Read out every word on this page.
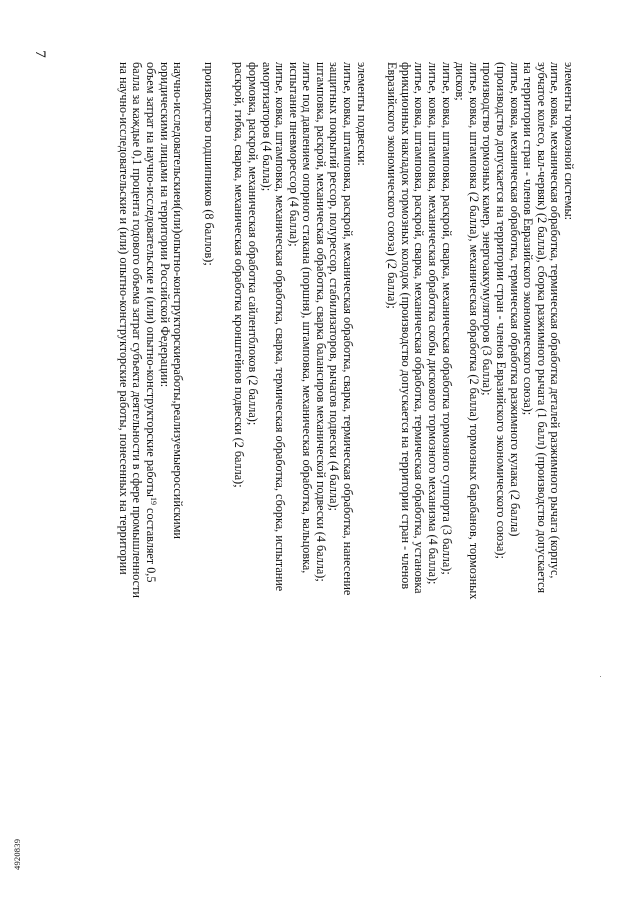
7
элементы тормозной системы:
литье, ковка, механическая обработка, термическая обработка деталей разжимного рычага (корпус,
зубчатое колесо, вал-червяк) (2 балла), сборка разжимного рычага (1 балл) (производство допускается
на территории стран - членов Евразийского экономического союза);
литье, ковка, механическая обработка, термическая обработка разжимного кулака (2 балла)
(производство допускается на территории стран - членов Евразийского экономического союза);
производство тормозных камер, энергоаккумуляторов (3 балла);
литье, ковка, штамповка (2 балла), механическая обработка (2 балла) тормозных барабанов, тормозных
дисков;
литье, ковка, штамповка, раскрой, сварка, механическая обработка тормозного суппорта (3 балла);
литье, ковка, штамповка, механическая обработка скобы дискового тормозного механизма (4 балла);
литье, ковка, штамповка, раскрой, сварка, механическая обработка, термическая обработка, установка
фрикционных накладок тормозных колодок (производство допускается на территории стран - членов
Евразийского экономического союза) (2 балла);
элементы подвески:
литье, ковка, штамповка, раскрой, механическая обработка, сварка, термическая обработка, нанесение
защитных покрытий рессор, полурессор, стабилизаторов, рычагов подвески (4 балла);
штамповка, раскрой, механическая обработка, сварка балансиров механической подвески (4 балла);
литье под давлением опорного стакана (поршня), штамповка, механическая обработка, вальцовка,
испытание пневморессор (4 балла);
литье, ковка, штамповка, механическая обработка, сварка, термическая обработка, сборка, испытание
амортизаторов (4 балла);
формовка, раскрой, механическая обработка сайлентблоков (2 балла);
раскрой, гибка, сварка, механическая обработка кронштейнов подвески (2 балла);
производство подшипников (8 баллов);
научно-исследовательские
и
(или)
опытно-конструкторские
работы,
реализуемые
российскими
юридическими лицами на территории Российской Федерации:
объем затрат на научно-исследовательские и (или) опытно-конструкторские работы$^{19}$ составляет 0,5
балла за каждые 0,1 процента годового объема затрат субъекта деятельности в сфере промышленности
на научно-исследовательские и (или) опытно-конструкторские работы, понесенных на территории
4920839
